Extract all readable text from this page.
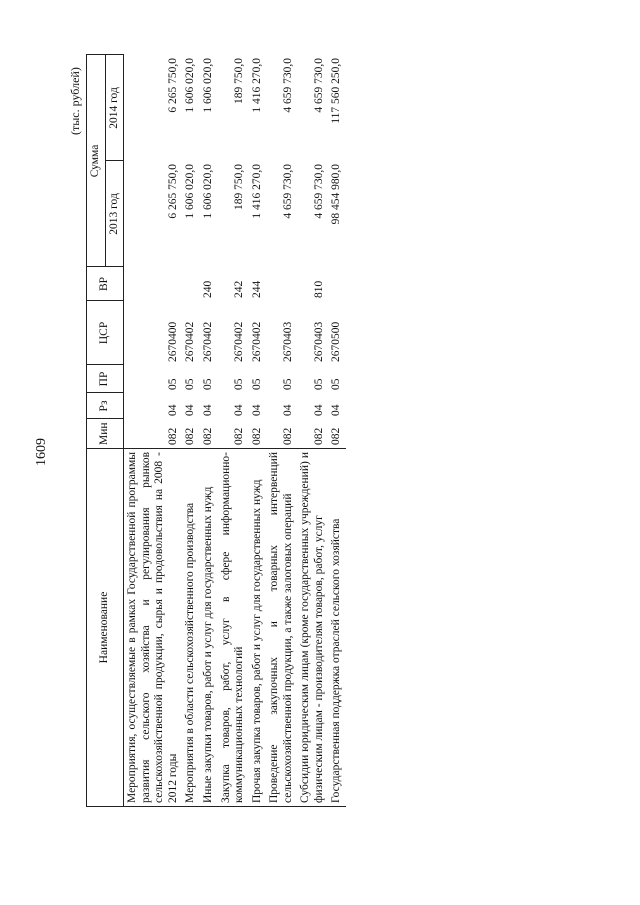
1609
(тыс. рублей)
Наименование	Мин	Рз	ПР	ЦСР	ВР	Сумма	
						2013 год	2014 год
Мероприятия, осуществляемые в рамках Государственной программы развития сельского хозяйства и регулирования рынков сельскохозяйственной продукции, сырья и продовольствия на 2008 - 2012 годы	082	04	05	2670400		6 265 750,0	6 265 750,0
Мероприятия в области сельскохозяйственного производства	082	04	05	2670402		1 606 020,0	1 606 020,0
Иные закупки товаров, работ и услуг для государственных нужд	082	04	05	2670402	240	1 606 020,0	1 606 020,0
Закупка товаров, работ, услуг в сфере информационно-коммуникационных технологий	082	04	05	2670402	242	189 750,0	189 750,0
Прочая закупка товаров, работ и услуг для государственных нужд	082	04	05	2670402	244	1 416 270,0	1 416 270,0
Проведение закупочных и товарных интервенций сельскохозяйственной продукции, а также залоговых операций	082	04	05	2670403		4 659 730,0	4 659 730,0
Субсидии юридическим лицам (кроме государственных учреждений) и физическим лицам - производителям товаров, работ, услуг	082	04	05	2670403	810	4 659 730,0	4 659 730,0
Государственная поддержка отраслей сельского хозяйства	082	04	05	2670500		98 454 980,0	117 560 250,0
